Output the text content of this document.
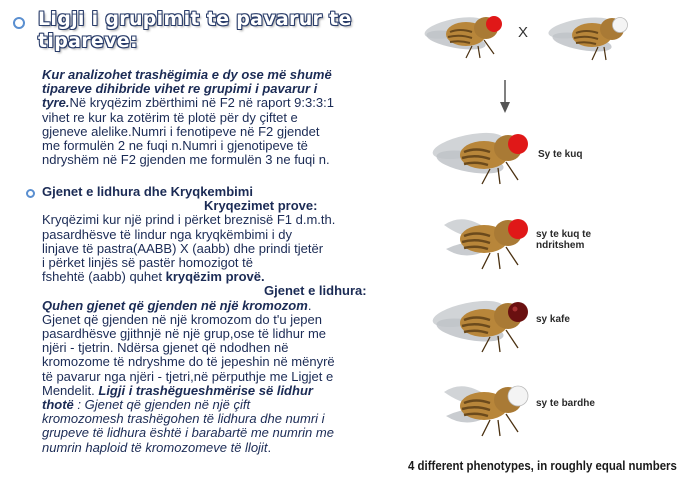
Ligji i grupimit te pavarur te
tipareve:
Kur analizohet trashëgimia e dy ose më shumë
tipareve dihibride vihet re grupimi i pavarur i
tyre.Në kryqëzim zbërthimi në F2 në raport 9:3:3:1
vihet re kur ka zotërim të plotë për dy çiftet e
gjeneve alelike.Numri i fenotipeve në F2 gjendet
me formulën 2 ne fuqi n.Numri i gjenotipeve të
ndryshëm në F2 gjenden me formulën 3 ne fuqi n.
Gjenet e lidhura dhe Kryqkembimi
Kryqezimet prove:
Kryqëzimi kur një prind i përket breznisë F1 d.m.th.
pasardhësve të lindur nga kryqkëmbimi i dy
linjave të pastra(AABB) X (aabb) dhe prindi tjetër
i përket linjës së pastër homozigot të
fshehtë (aabb) quhet kryqëzim provë.
Gjenet e lidhura:
Quhen gjenet që gjenden në një kromozom.
Gjenet që gjenden në një kromozom do t'u jepen
pasardhësve gjithnjë në një grup,ose të lidhur me
njëri - tjetrin. Ndërsa gjenet që ndodhen në
kromozome të ndryshme do të jepeshin në mënyrë
të pavarur nga njëri - tjetri,në përputhje me Ligjet e
Mendelit. Ligji i trashëgueshmërise së lidhur
thotë : Gjenet që gjenden në një çift
kromozomesh trashëgohen të lidhura dhe numri i
grupeve të lidhura është i barabartë me numrin me
numrin haploid të kromozomeve të llojit.
X
Sy te kuq
sy te kuq te
ndritshem
sy kafe
sy te bardhe
4 different phenotypes, in roughly equal numbers
